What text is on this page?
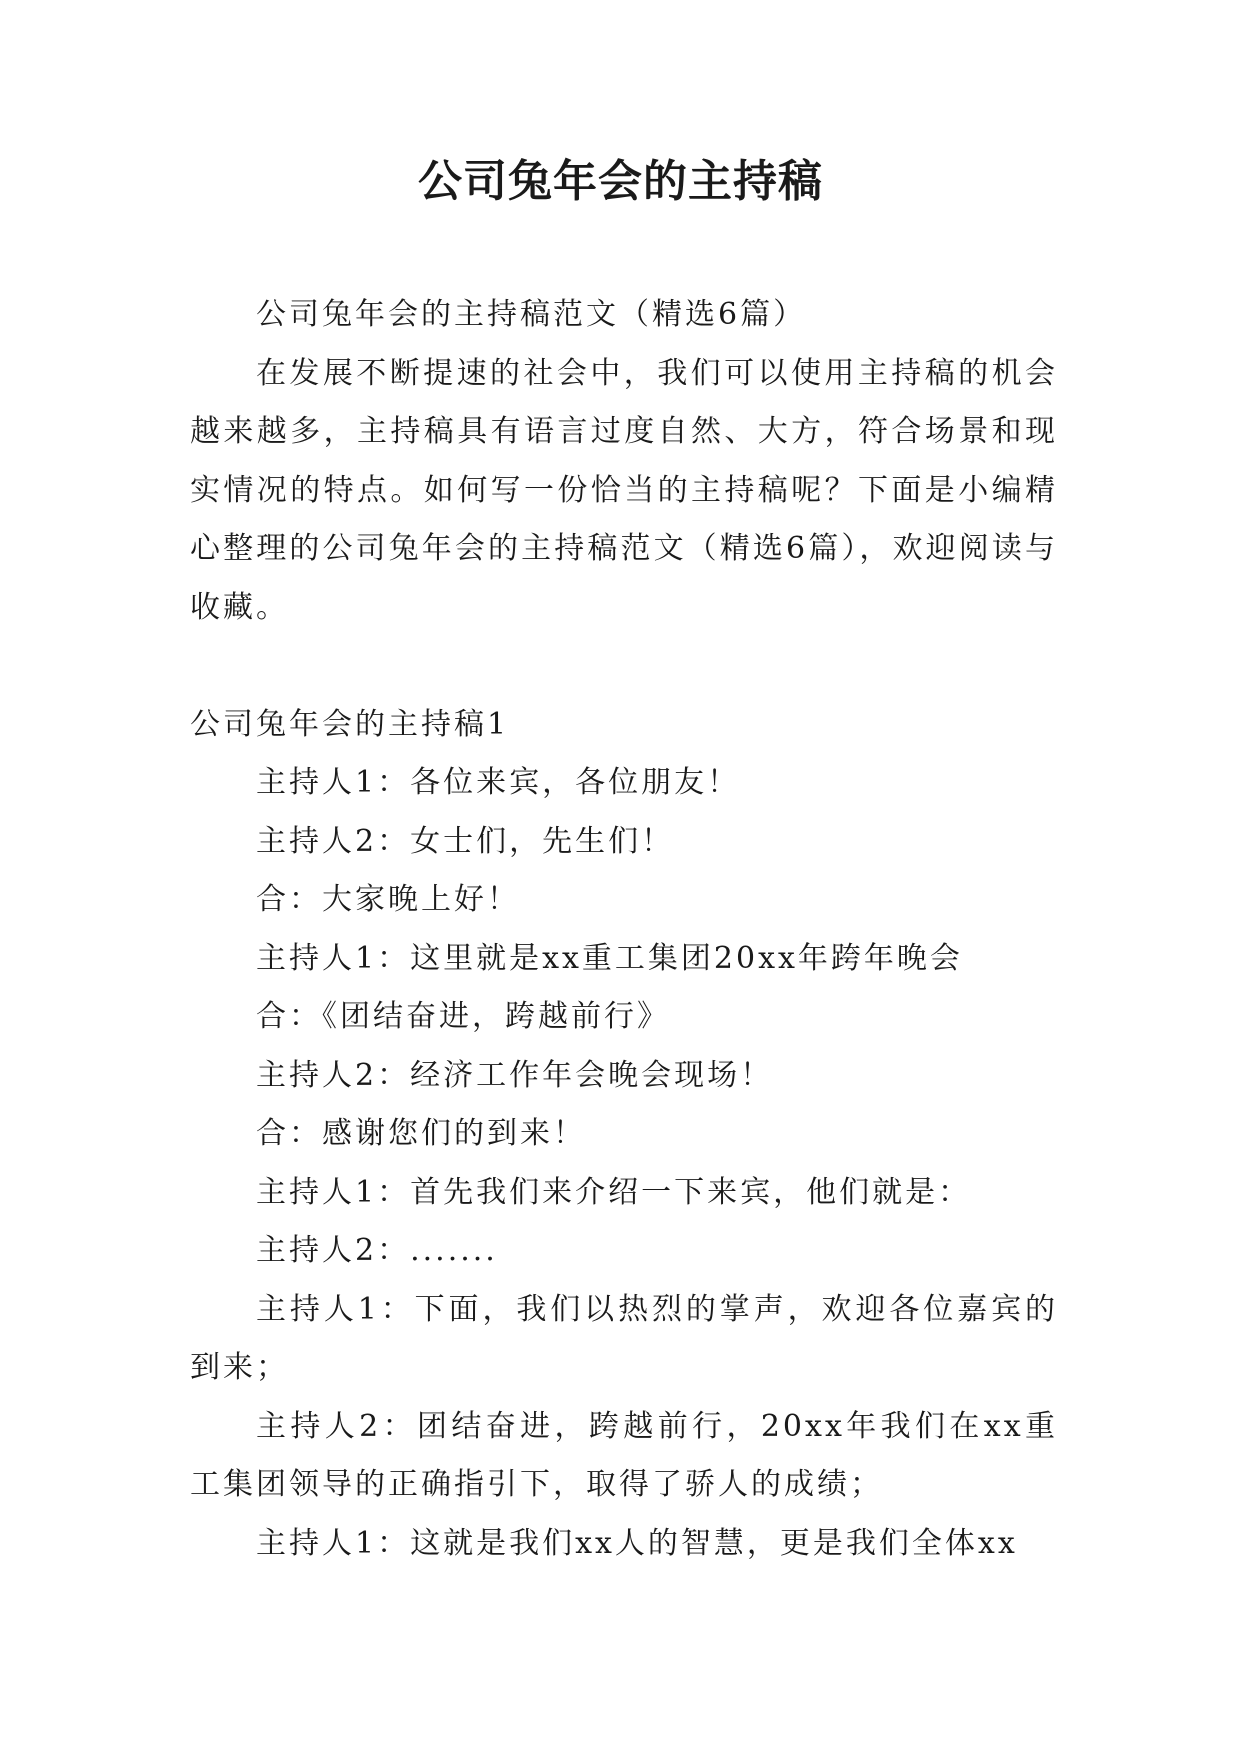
公司兔年会的主持稿

公司兔年会的主持稿范文（精选6篇）

在发展不断提速的社会中，我们可以使用主持稿的机会越来越多，主持稿具有语言过度自然、大方，符合场景和现实情况的特点。如何写一份恰当的主持稿呢？下面是小编精心整理的公司兔年会的主持稿范文（精选6篇），欢迎阅读与收藏。

公司兔年会的主持稿1

主持人1：各位来宾，各位朋友！

主持人2：女士们，先生们！

合：大家晚上好！

主持人1：这里就是xx重工集团20xx年跨年晚会

合：《团结奋进，跨越前行》

主持人2：经济工作年会晚会现场！

合：感谢您们的到来！

主持人1：首先我们来介绍一下来宾，他们就是：

主持人2：.......

主持人1：下面，我们以热烈的掌声，欢迎各位嘉宾的到来；

主持人2：团结奋进，跨越前行，20xx年我们在xx重工集团领导的正确指引下，取得了骄人的成绩；

主持人1：这就是我们xx人的智慧，更是我们全体xx
